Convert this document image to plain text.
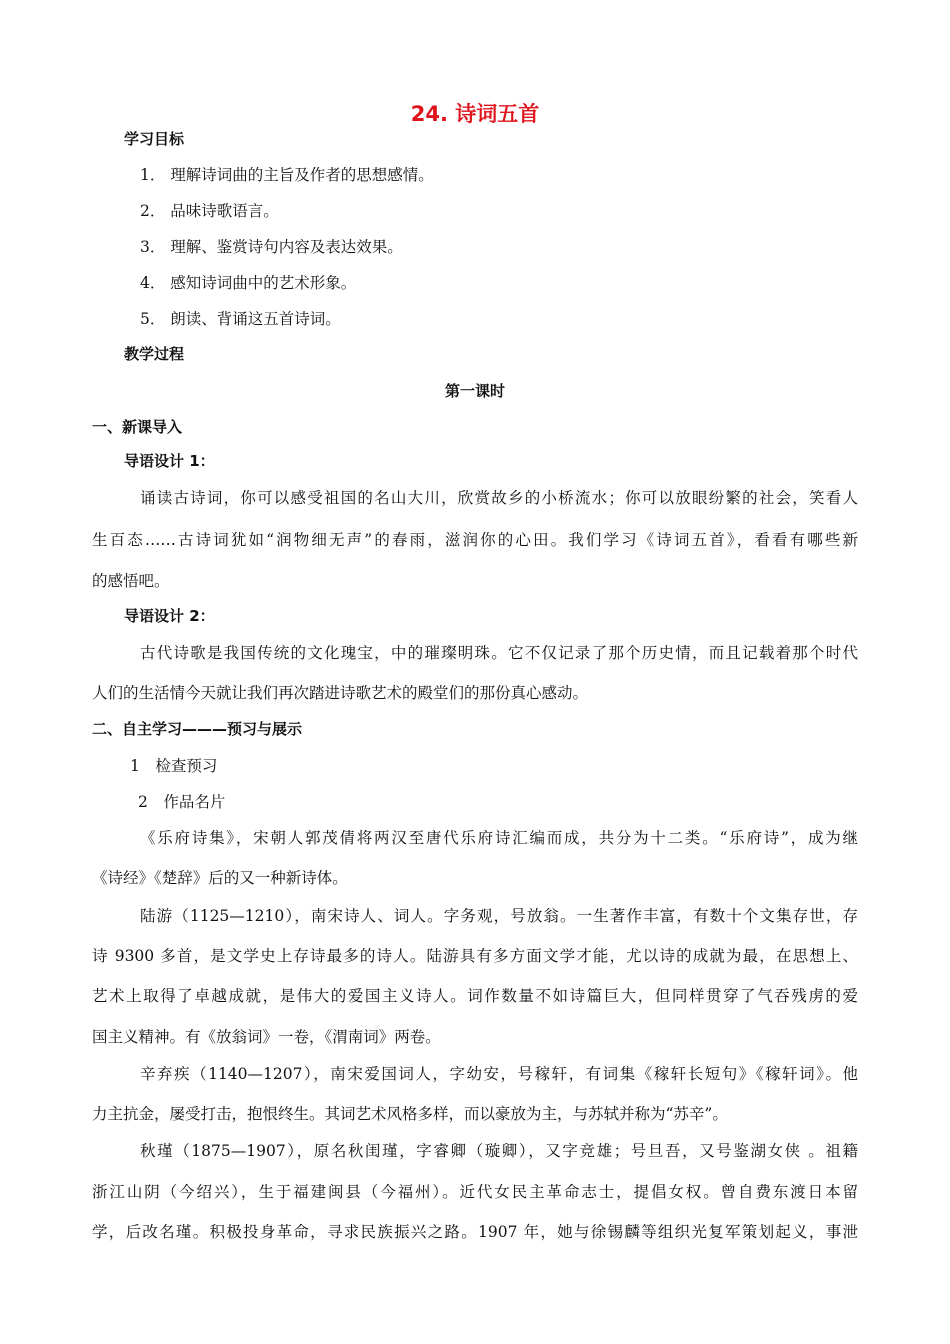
24. 诗词五首
学习目标
1． 理解诗词曲的主旨及作者的思想感情。
2． 品味诗歌语言。
3． 理解、鉴赏诗句内容及表达效果。
4． 感知诗词曲中的艺术形象。
5． 朗读、背诵这五首诗词。
教学过程
第一课时
一、新课导入
导语设计 1：
诵读古诗词，你可以感受祖国的名山大川，欣赏故乡的小桥流水；你可以放眼纷繁的社会，笑看人
生百态……古诗词犹如“润物细无声”的春雨，滋润你的心田。我们学习《诗词五首》，看看有哪些新
的感悟吧。
导语设计 2：
古代诗歌是我国传统的文化瑰宝，中的璀璨明珠。它不仅记录了那个历史情，而且记载着那个时代
人们的生活情今天就让我们再次踏进诗歌艺术的殿堂们的那份真心感动。
二、自主学习———预习与展示
1　检查预习
2　作品名片
《乐府诗集》，宋朝人郭茂倩将两汉至唐代乐府诗汇编而成，共分为十二类。“乐府诗”，成为继
《诗经》《楚辞》后的又一种新诗体。
陆游（1125—1210），南宋诗人、词人。字务观，号放翁。一生著作丰富，有数十个文集存世，存
诗 9300 多首，是文学史上存诗最多的诗人。陆游具有多方面文学才能，尤以诗的成就为最，在思想上、
艺术上取得了卓越成就，是伟大的爱国主义诗人。词作数量不如诗篇巨大，但同样贯穿了气吞残虏的爱
国主义精神。有《放翁词》一卷，《渭南词》两卷。
辛弃疾（1140—1207），南宋爱国词人，字幼安，号稼轩，有词集《稼轩长短句》《稼轩词》。他
力主抗金，屡受打击，抱恨终生。其词艺术风格多样，而以豪放为主，与苏轼并称为“苏辛”。
秋瑾（1875—1907），原名秋闺瑾，字睿卿（璇卿），又字竞雄；号旦吾，又号鉴湖女侠 。祖籍
浙江山阴（今绍兴），生于福建闽县（今福州）。近代女民主革命志士，提倡女权。曾自费东渡日本留
学，后改名瑾。积极投身革命，寻求民族振兴之路。1907 年，她与徐锡麟等组织光复军策划起义，事泄
